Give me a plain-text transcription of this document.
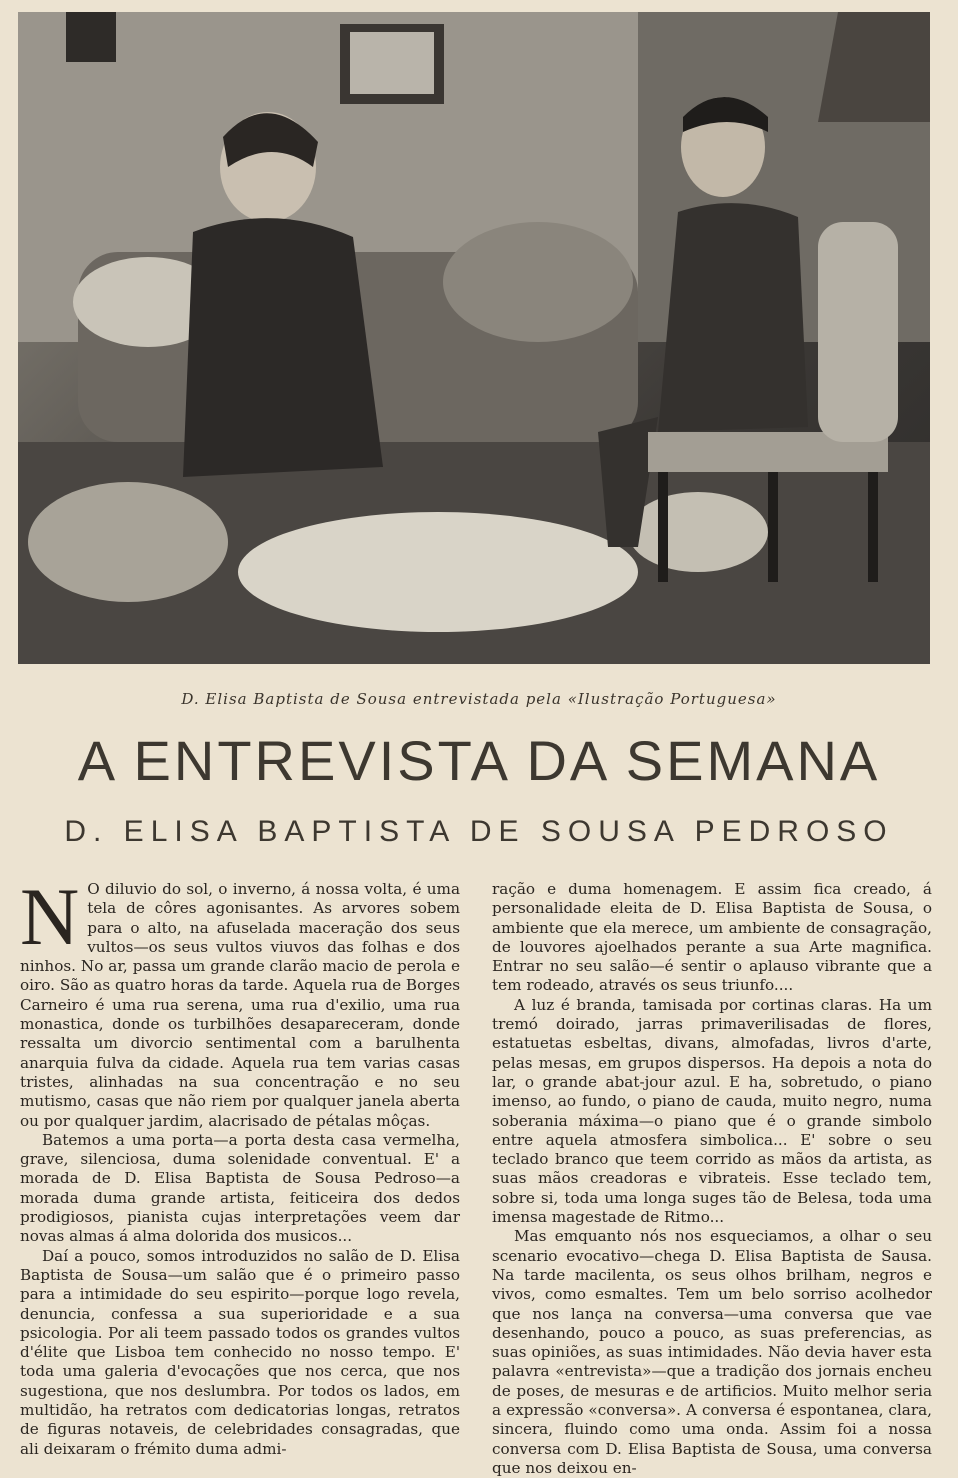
D. Elisa Baptista de Sousa entrevistada pela «Ilustração Portuguesa»
A ENTREVISTA DA SEMANA
D. ELISA BAPTISTA DE SOUSA PEDROSO

N O diluvio do sol, o inverno, á nossa volta, é uma tela de côres agonisantes. As arvores sobem para o alto, na afuselada maceração dos seus vultos—os seus vultos viuvos das folhas e dos ninhos. No ar, passa um grande clarão macio de perola e oiro. São as quatro horas da tarde. Aquela rua de Borges Carneiro é uma rua serena, uma rua d'exilio, uma rua monastica, donde os turbilhões desapareceram, donde ressalta um divorcio sentimental com a barulhenta anarquia fulva da cidade. Aquela rua tem varias casas tristes, alinhadas na sua concentração e no seu mutismo, casas que não riem por qualquer janela aberta ou por qualquer jardim, alacrisado de pétalas môças.

Batemos a uma porta—a porta desta casa vermelha, grave, silenciosa, duma solenidade conventual. E' a morada de D. Elisa Baptista de Sousa Pedroso—a morada duma grande artista, feiticeira dos dedos prodigiosos, pianista cujas interpretações veem dar novas almas á alma dolorida dos musicos...

Daí a pouco, somos introduzidos no salão de D. Elisa Baptista de Sousa—um salão que é o primeiro passo para a intimidade do seu espirito—porque logo revela, denuncia, confessa a sua superioridade e a sua psicologia. Por ali teem passado todos os grandes vultos d'élite que Lisboa tem conhecido no nosso tempo. E' toda uma galeria d'evocações que nos cerca, que nos sugestiona, que nos deslumbra. Por todos os lados, em multidão, ha retratos com dedicatorias longas, retratos de figuras notaveis, de celebridades consagradas, que ali deixaram o frémito duma admi-

ração e duma homenagem. E assim fica creado, á personalidade eleita de D. Elisa Baptista de Sousa, o ambiente que ela merece, um ambiente de consagração, de louvores ajoelhados perante a sua Arte magnifica. Entrar no seu salão—é sentir o aplauso vibrante que a tem rodeado, através os seus triunfo....

A luz é branda, tamisada por cortinas claras. Ha um tremó doirado, jarras primaverilisadas de flores, estatuetas esbeltas, divans, almofadas, livros d'arte, pelas mesas, em grupos dispersos. Ha depois a nota do lar, o grande abat-jour azul. E ha, sobretudo, o piano imenso, ao fundo, o piano de cauda, muito negro, numa soberania máxima—o piano que é o grande simbolo entre aquela atmosfera simbolica... E' sobre o seu teclado branco que teem corrido as mãos da artista, as suas mãos creadoras e vibrateis. Esse teclado tem, sobre si, toda uma longa suges tão de Belesa, toda uma imensa magestade de Ritmo...

Mas emquanto nós nos esqueciamos, a olhar o seu scenario evocativo—chega D. Elisa Baptista de Sausa. Na tarde macilenta, os seus olhos brilham, negros e vivos, como esmaltes. Tem um belo sorriso acolhedor que nos lança na conversa—uma conversa que vae desenhando, pouco a pouco, as suas preferencias, as suas opiniões, as suas intimidades. Não devia haver esta palavra «entrevista»—que a tradição dos jornais encheu de poses, de mesuras e de artificios. Muito melhor seria a expressão «conversa». A conversa é espontanea, clara, sincera, fluindo como uma onda. Assim foi a nossa conversa com D. Elisa Baptista de Sousa, uma conversa que nos deixou en-
